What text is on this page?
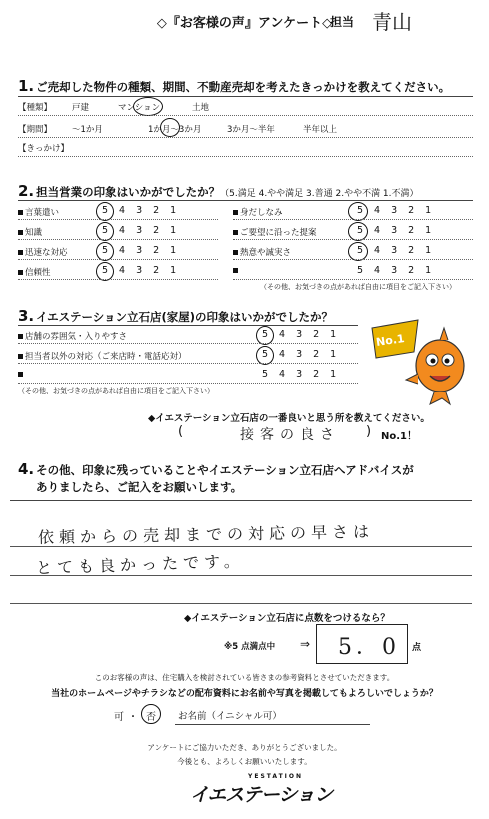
◇『お客様の声』アンケート◇
担当 青山
1. ご売却した物件の種類、期間、不動産売却を考えたきっかけを教えてください。
【種類】 戸建	マンション	土地
【期間】 〜1か月	1か月〜3か月	3か月〜半年	半年以上
【きっかけ】
2. 担当営業の印象はいかがでしたか？（5.満足 4.やや満足 3.普通 2.やや不満 1.不満）
言葉遣い	54321
知識	54321
迅速な対応	54321
信頼性	54321
身だしなみ	54321
ご要望に沿った提案	54321
熱意や誠実さ	54321
54321
（その他、お気づきの点があれば自由に項目をご記入下さい）
3. イエステーション立石店(家屋)の印象はいかがでしたか？
店舗の雰囲気・入りやすさ	54321
担当者以外の対応（ご来店時・電話応対）	54321
54321
（その他、お気づきの点があれば自由に項目をご記入下さい）
No.1
◆イエステーション立石店の一番良いと思う所を教えてください。
(	接客の良さ ) No.1！
4. その他、印象に残っていることやイエステーション立石店へアドバイスが
ありましたら、ご記入をお願いします。
依頼からの売却までの対応の早さは
とても良かったです。
◆イエステーション立石店に点数をつけるなら？
※5 点満点中 ⇒ 5．0 点
このお客様の声は、住宅購入を検討されている皆さまの参考資料とさせていただきます。
当社のホームページやチラシなどの配布資料にお名前や写真を掲載してもよろしいでしょうか？
可 ・ 否 お名前（イニシャル可）
アンケートにご協力いただき、ありがとうございました。
今後とも、よろしくお願いいたします。
YESTATION
イエステーション
